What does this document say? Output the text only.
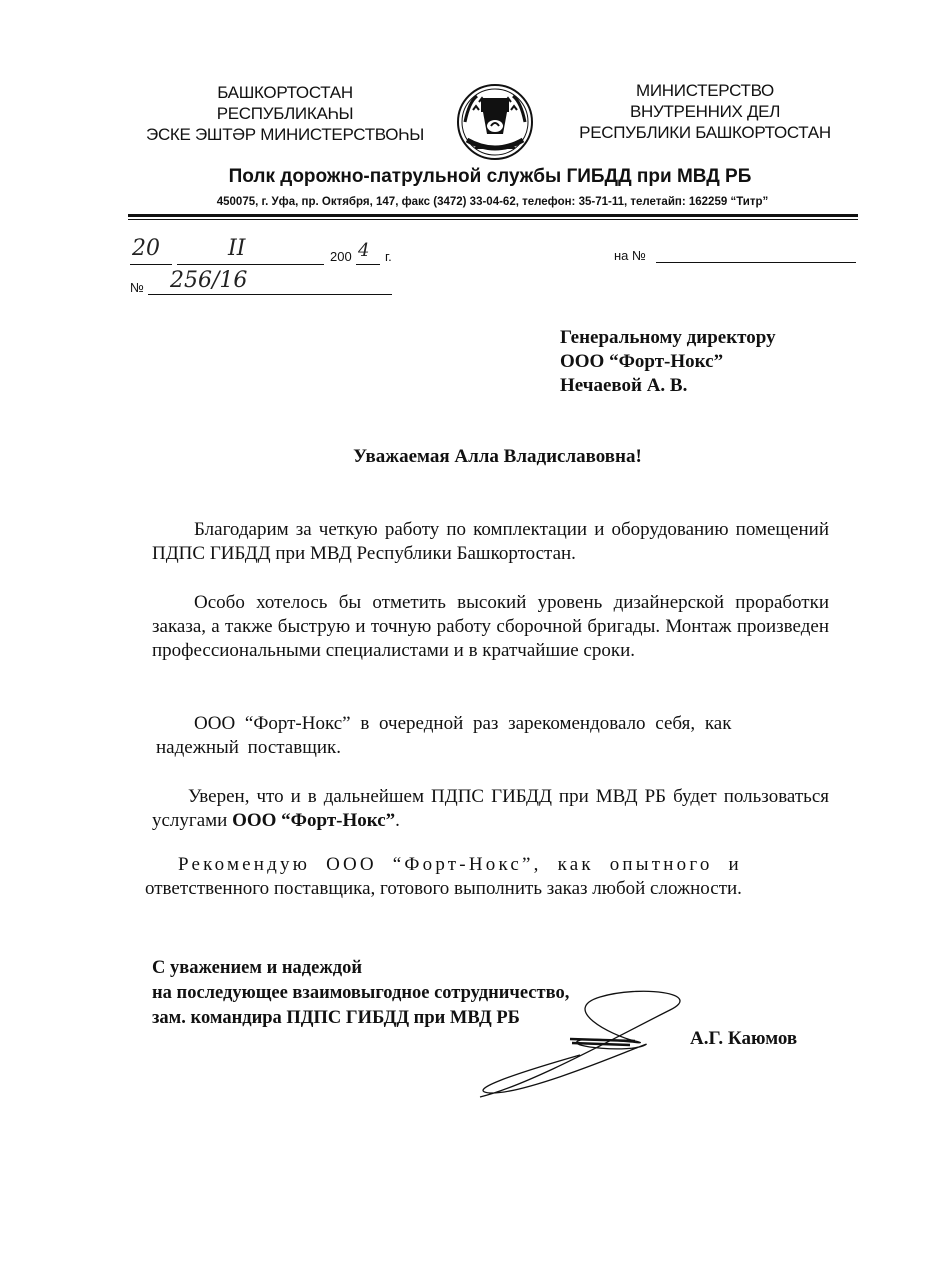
БАШКОРТОСТАН
РЕСПУБЛИКАҺЫ
ЭСКЕ ЭШТӘР МИНИСТЕРСТВОҺЫ
МИНИСТЕРСТВО
ВНУТРЕННИХ ДЕЛ
РЕСПУБЛИКИ БАШКОРТОСТАН
Полк дорожно-патрульной службы ГИБДД при МВД РБ
450075, г. Уфа, пр. Октября, 147, факс (3472) 33-04-62, телефон: 35-71-11, телетайп: 162259 “Титр”
20	II	200 4 г.
№ 256/16
на №
Генеральному директору
ООО “Форт-Нокс”
Нечаевой А. В.
Уважаемая Алла Владиславовна!

Благодарим за четкую работу по комплектации и оборудованию помещений ПДПС ГИБДД при МВД Республики Башкортостан.

Особо хотелось бы отметить высокий уровень дизайнерской проработки заказа, а также быструю и точную работу сборочной бригады. Монтаж произведен профессиональными специалистами и в кратчайшие сроки.

ООО “Форт-Нокс” в очередной раз зарекомендовало себя, как
надежный поставщик.

Уверен, что и в дальнейшем ПДПС ГИБДД при МВД РБ будет пользоваться услугами ООО “Форт-Нокс”.

Рекомендую ООО “Форт-Нокс”, как опытного и
ответственного поставщика, готового выполнить заказ любой сложности.
С уважением и надеждой
на последующее взаимовыгодное сотрудничество,
зам. командира ПДПС ГИБДД при МВД РБ
А.Г. Каюмов
